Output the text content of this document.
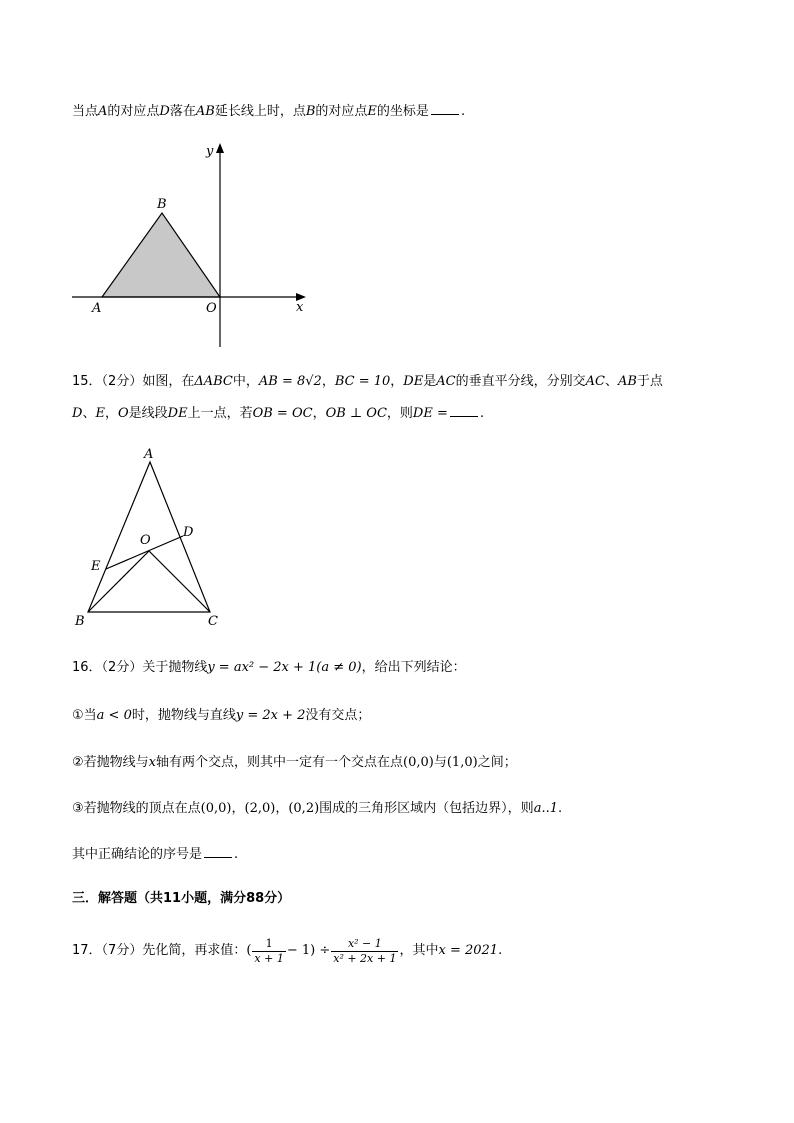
当点A的对应点D落在AB延长线上时，点B的对应点E的坐标是 .
y
x
A
B
O
15．（2分）如图，在ΔABC中，AB = 8√2，BC = 10，DE是AC的垂直平分线，分别交AC、AB于点
D、E，O是线段DE上一点，若OB = OC，OB ⊥ OC，则DE = .
A
B	C
D
E
O
16．（2分）关于抛物线y = ax² − 2x + 1(a ≠ 0)，给出下列结论：
①当a < 0时，抛物线与直线y = 2x + 2没有交点；
②若抛物线与x轴有两个交点，则其中一定有一个交点在点(0,0)与(1,0)之间；
③若抛物线的顶点在点(0,0)，(2,0)，(0,2)围成的三角形区域内（包括边界），则a..1.
其中正确结论的序号是 .
三．解答题（共11小题，满分88分）
17．（7分）先化简，再求值： ( $\frac{1}{x + 1} - 1) \div \frac{\text{x² − 1}}{\text{x² + 2x + 1}}$ ，其中 x = 2021 .
